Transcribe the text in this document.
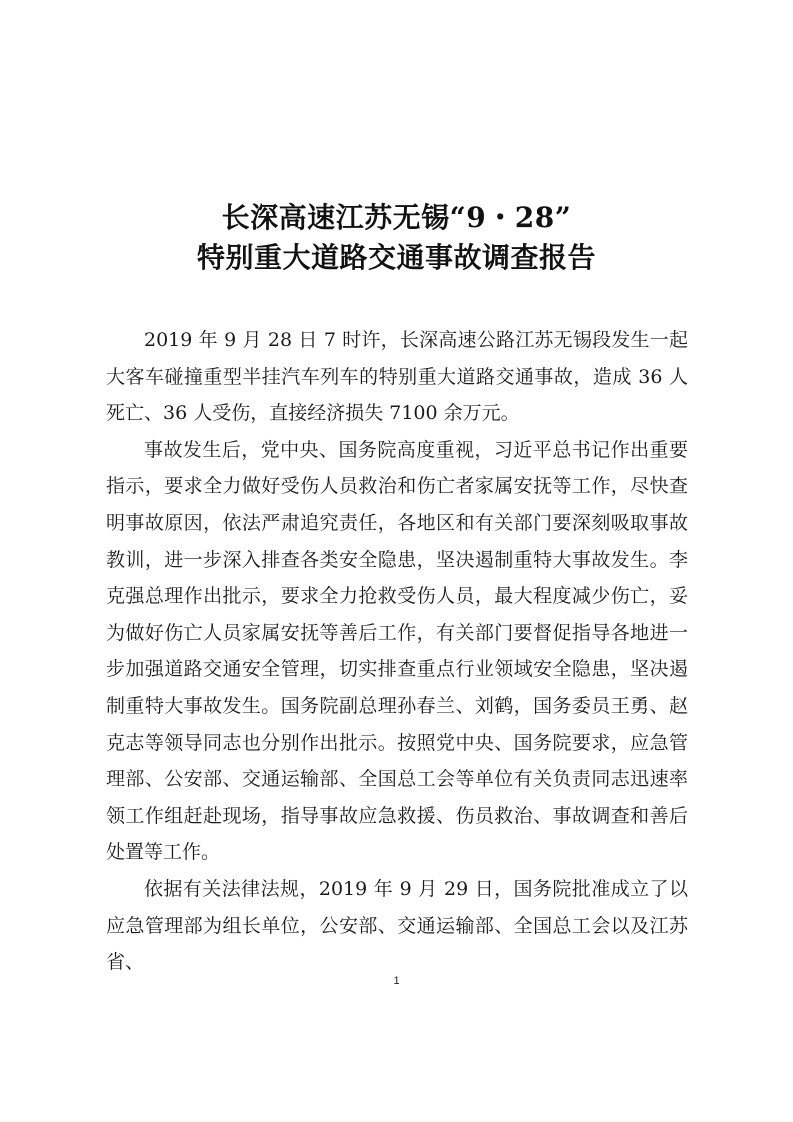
长深高速江苏无锡“9・28”
特别重大道路交通事故调查报告

2019 年 9 月 28 日 7 时许，长深高速公路江苏无锡段发生一起大客车碰撞重型半挂汽车列车的特别重大道路交通事故，造成 36 人死亡、36 人受伤，直接经济损失 7100 余万元。

事故发生后，党中央、国务院高度重视，习近平总书记作出重要指示，要求全力做好受伤人员救治和伤亡者家属安抚等工作，尽快查明事故原因，依法严肃追究责任，各地区和有关部门要深刻吸取事故教训，进一步深入排查各类安全隐患，坚决遏制重特大事故发生。李克强总理作出批示，要求全力抢救受伤人员，最大程度减少伤亡，妥为做好伤亡人员家属安抚等善后工作，有关部门要督促指导各地进一步加强道路交通安全管理，切实排查重点行业领域安全隐患，坚决遏制重特大事故发生。国务院副总理孙春兰、刘鹤，国务委员王勇、赵克志等领导同志也分别作出批示。按照党中央、国务院要求，应急管理部、公安部、交通运输部、全国总工会等单位有关负责同志迅速率领工作组赶赴现场，指导事故应急救援、伤员救治、事故调查和善后处置等工作。

依据有关法律法规，2019 年 9 月 29 日，国务院批准成立了以应急管理部为组长单位，公安部、交通运输部、全国总工会以及江苏省、

1
